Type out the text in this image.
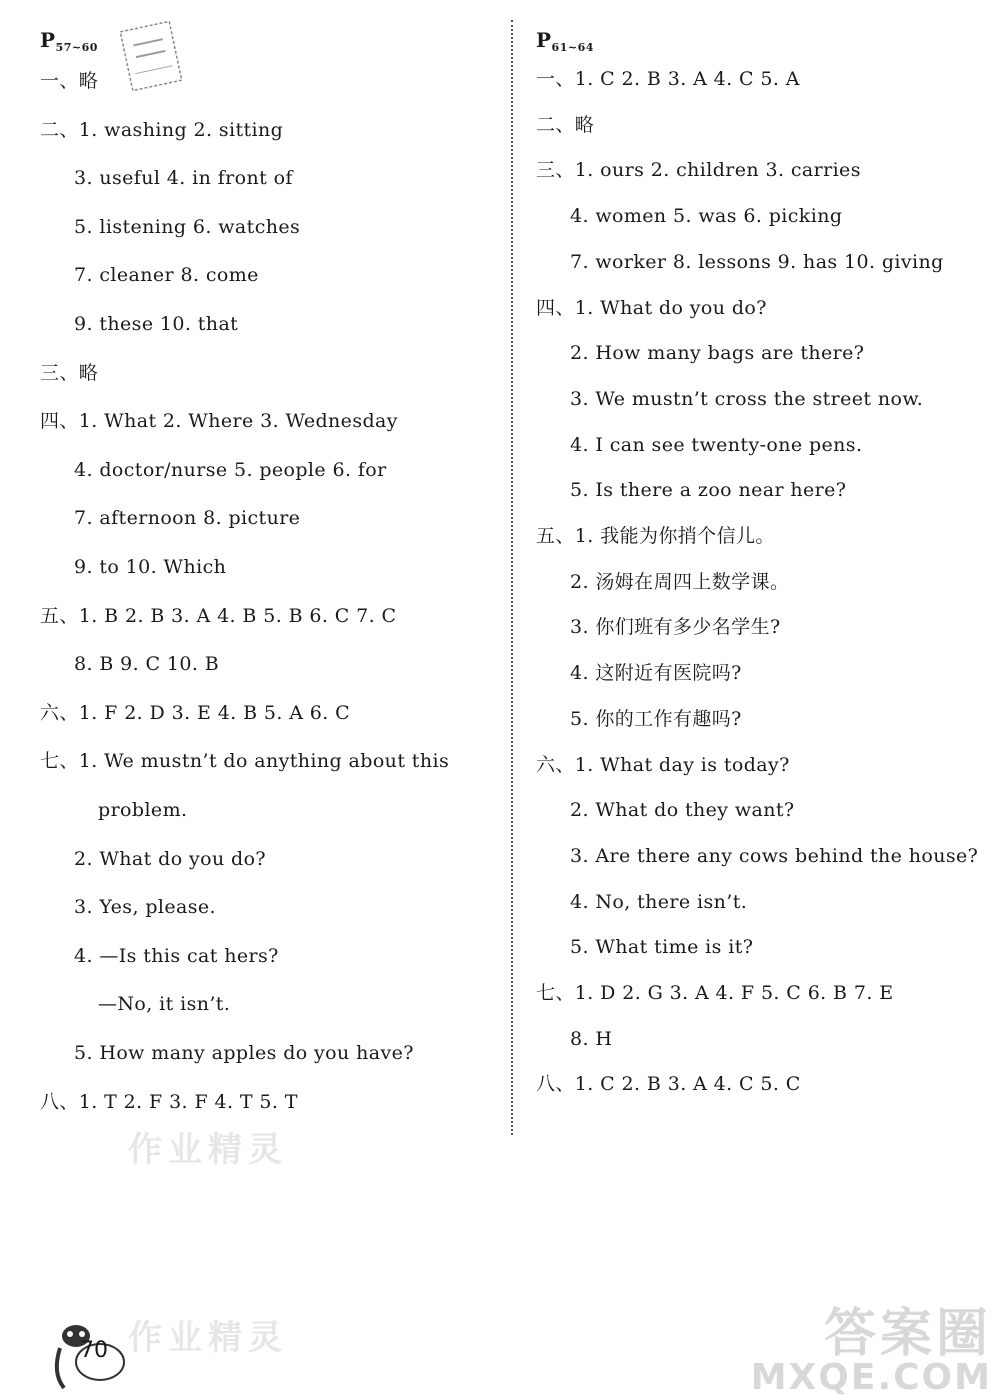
$P_{57\sim 60}$
一、略
二、1. washing 2. sitting
3. useful 4. in front of
5. listening 6. watches
7. cleaner 8. come
9. these 10. that
三、略
四、1. What 2. Where 3. Wednesday
4. doctor/nurse 5. people 6. for
7. afternoon 8. picture
9. to 10. Which
五、1. B 2. B 3. A 4. B 5. B 6. C 7. C
8. B 9. C 10. B
六、1. F 2. D 3. E 4. B 5. A 6. C
七、1. We mustn’t do anything about this
problem.
2. What do you do?
3. Yes, please.
4. —Is this cat hers?
—No, it isn’t.
5. How many apples do you have?
八、1. T 2. F 3. F 4. T 5. T
$P_{61\sim 64}$
一、1. C 2. B 3. A 4. C 5. A
二、略
三、1. ours 2. children 3. carries
4. women 5. was 6. picking
7. worker 8. lessons 9. has 10. giving
四、1. What do you do?
2. How many bags are there?
3. We mustn’t cross the street now.
4. I can see twenty-one pens.
5. Is there a zoo near here?
五、1. 我能为你捎个信儿。
2. 汤姆在周四上数学课。
3. 你们班有多少名学生?
4. 这附近有医院吗?
5. 你的工作有趣吗?
六、1. What day is today?
2. What do they want?
3. Are there any cows behind the house?
4. No, there isn’t.
5. What time is it?
七、1. D 2. G 3. A 4. F 5. C 6. B 7. E
8. H
八、1. C 2. B 3. A 4. C 5. C
作业精灵
作业精灵
70	答案圈
MXQE.COM
